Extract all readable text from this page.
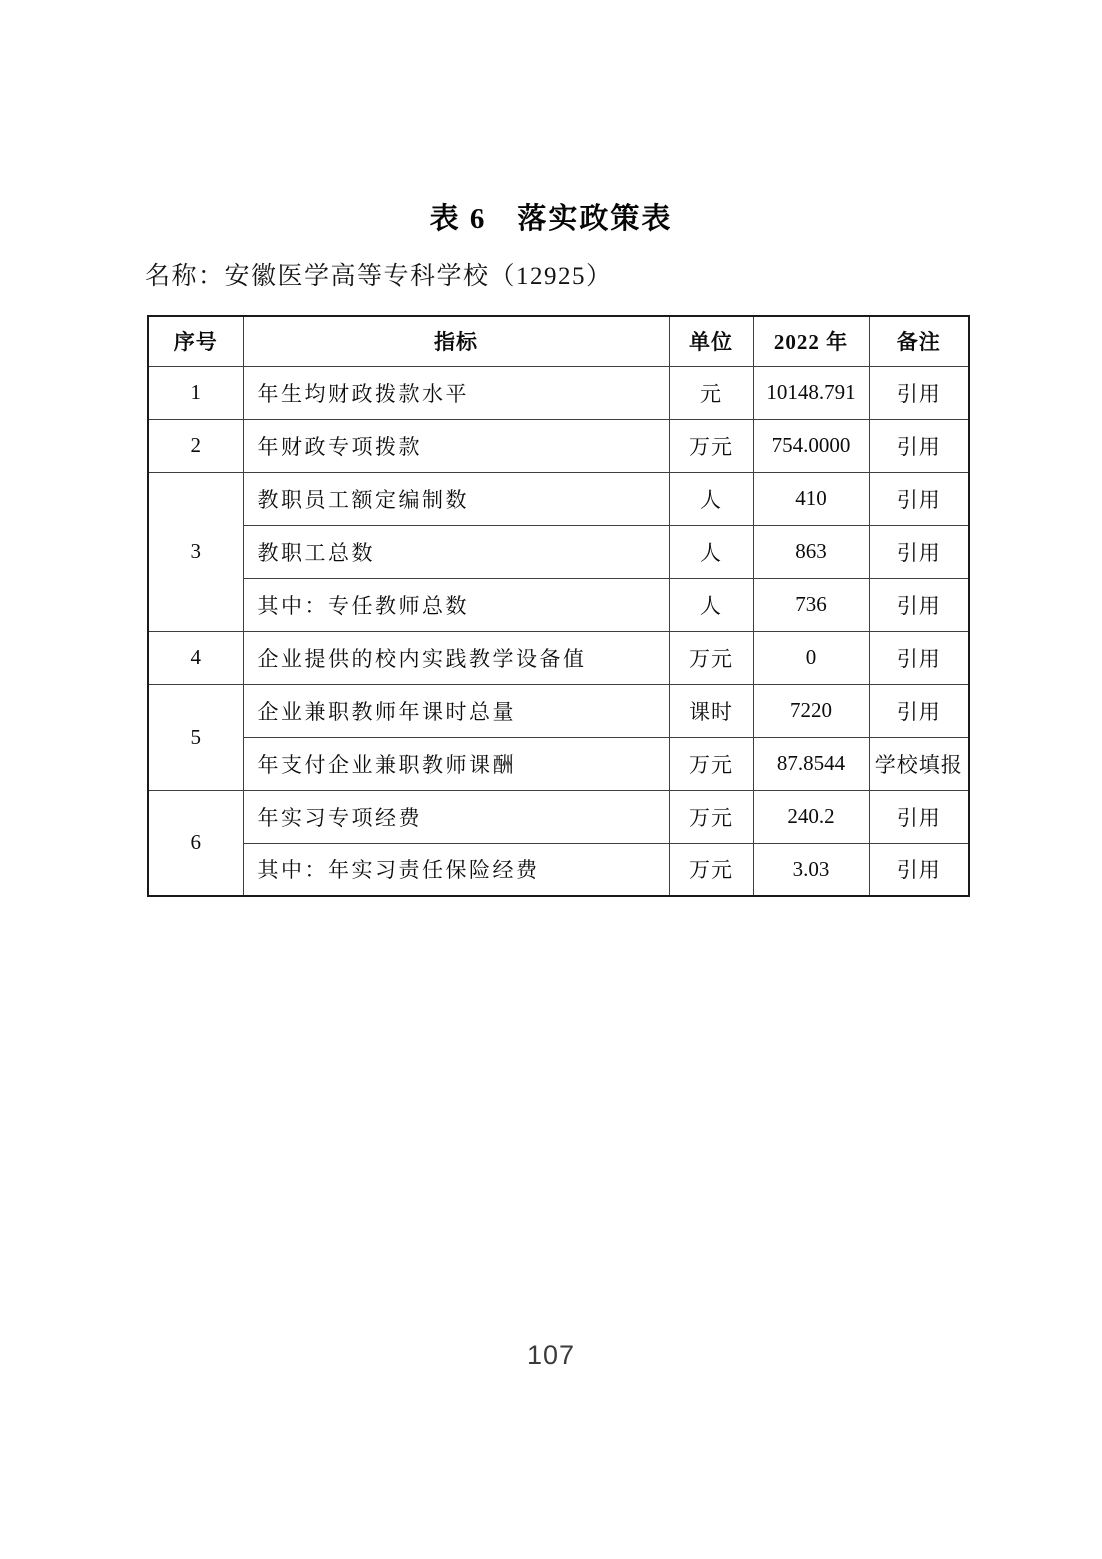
表 6　落实政策表
名称：安徽医学高等专科学校（12925）
序号	指标	单位	2022 年	备注
1	年生均财政拨款水平	元	10148.791	引用
2	年财政专项拨款	万元	754.0000	引用
3	教职员工额定编制数	人	410	引用
	教职工总数	人	863	引用
	其中：专任教师总数	人	736	引用
4	企业提供的校内实践教学设备值	万元	0	引用
5	企业兼职教师年课时总量	课时	7220	引用
	年支付企业兼职教师课酬	万元	87.8544	学校填报
6	年实习专项经费	万元	240.2	引用
	其中：年实习责任保险经费	万元	3.03	引用
107
